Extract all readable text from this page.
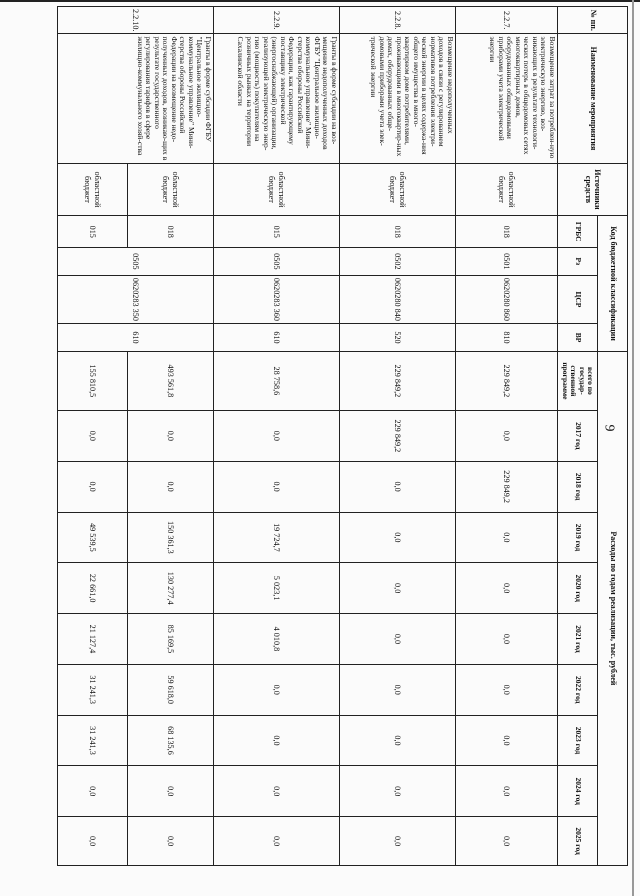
9
№ пп.	Наименование мероприятия	Источники средств	Код бюджетной классификации				Расходы по годам реализации, тыс. рублей									
			ГРБС	Рз	ЦСР	ВР	всего по государ-ственной программе	2017 год	2018 год	2019 год	2020 год	2021 год	2022 год	2023 год	2024 год	2025 год
2.2.7.	Возмещение затрат за потреблен-ную электрическую энергию, воз-никающих в результате технологи-ческих потерь в общедомовых сетях многоквартирных домов, оборудованных общедомовыми приборами учета электрической энергии	областной бюджет	018	0501	0620280 860	810	229 849,2	0,0	229 849,2	0,0	0,0	0,0	0,0	0,0	0,0	0,0
2.2.8.	Возмещение недополученных доходов в связи с регулированием нормативов потребления электри-ческой энергии в целях содержа-ния общего имущества в много-квартирном доме потребителями, проживающими в многоквартир-ных домах, оборудованных обще-домовыми приборами учета элек-трической энергии	областной бюджет	018	0502	0620280 840	520	229 849,2	229 849,2	0,0	0,0	0,0	0,0	0,0	0,0	0,0	0,0
2.2.9.	Гранты в форме субсидии на воз-мещение недополученных доходов ФГБУ "Центральное жилищно-коммунальное управление" Мини-стерства обороны Российской Федерации, как гарантирующему поставщику электрической (энергоснабжающей) организации, реализующей электрическую энер-гию (мощность) покупателям на розничных рынках на территории Сахалинской области	областной бюджет	015	0505	0620283 360	610	28 758,6	0,0	0,0	19 724,7	5 023,1	4 010,8	0,0	0,0	0,0	0,0
2.2.10.	Гранты в форме субсидии ФГБУ "Центральное жилищно-коммунальное управление" Мини-стерства обороны Российской Федерации на возмещение недо-полученных доходов, возникаю-щих в результате государственного регулирования тарифов в сфере жилищно-коммунального хозяй-ства	областной бюджет	018	0505	0620283 350	610	493 561,8	0,0	0,0	150 361,3	130 277,4	85 169,5	59 618,0	68 135,6	0,0	0,0
		областной бюджет	015				155 810,5	0,0	0,0	49 539,5	22 661,0	21 127,4	31 241,3	31 241,3	0,0	0,0
